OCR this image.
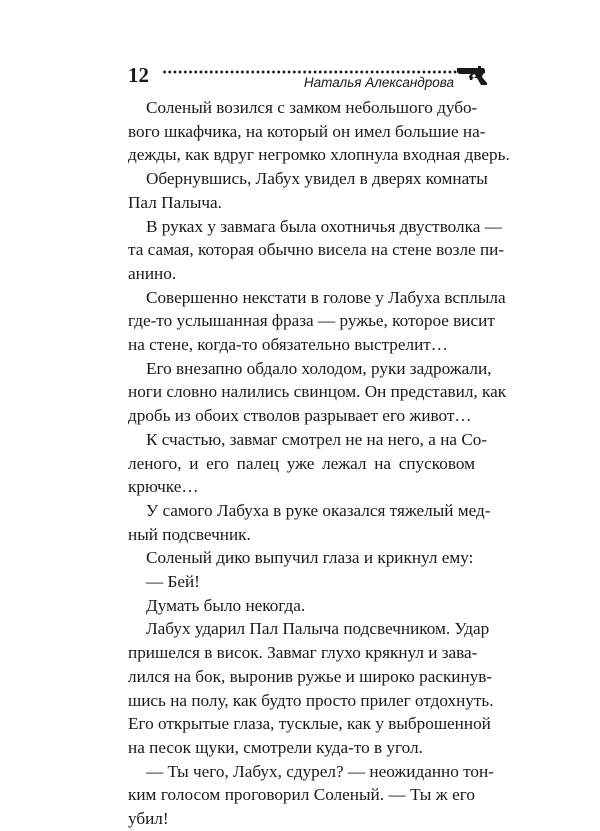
12	Наталья Александрова

Соленый возился с замком небольшого дубо-
вого шкафчика, на который он имел большие на-
дежды, как вдруг негромко хлопнула входная дверь.

Обернувшись, Лабух увидел в дверях комнаты
Пал Палыча.

В руках у завмага была охотничья двустволка —
та самая, которая обычно висела на стене возле пи-
анино.

Совершенно некстати в голове у Лабуха всплыла
где-то услышанная фраза — ружье, которое висит
на стене, когда-то обязательно выстрелит…

Его внезапно обдало холодом, руки задрожали,
ноги словно налились свинцом. Он представил, как
дробь из обоих стволов разрывает его живот…

К счастью, завмаг смотрел не на него, а на Со-
леного, и его палец уже лежал на спусковом
крючке…

У самого Лабуха в руке оказался тяжелый мед-
ный подсвечник.

Соленый дико выпучил глаза и крикнул ему:

— Бей!

Думать было некогда.

Лабух ударил Пал Палыча подсвечником. Удар
пришелся в висок. Завмаг глухо крякнул и зава-
лился на бок, выронив ружье и широко раскинув-
шись на полу, как будто просто прилег отдохнуть.
Его открытые глаза, тусклые, как у выброшенной
на песок щуки, смотрели куда-то в угол.

— Ты чего, Лабух, сдурел? — неожиданно тон-
ким голосом проговорил Соленый. — Ты ж его
убил!
